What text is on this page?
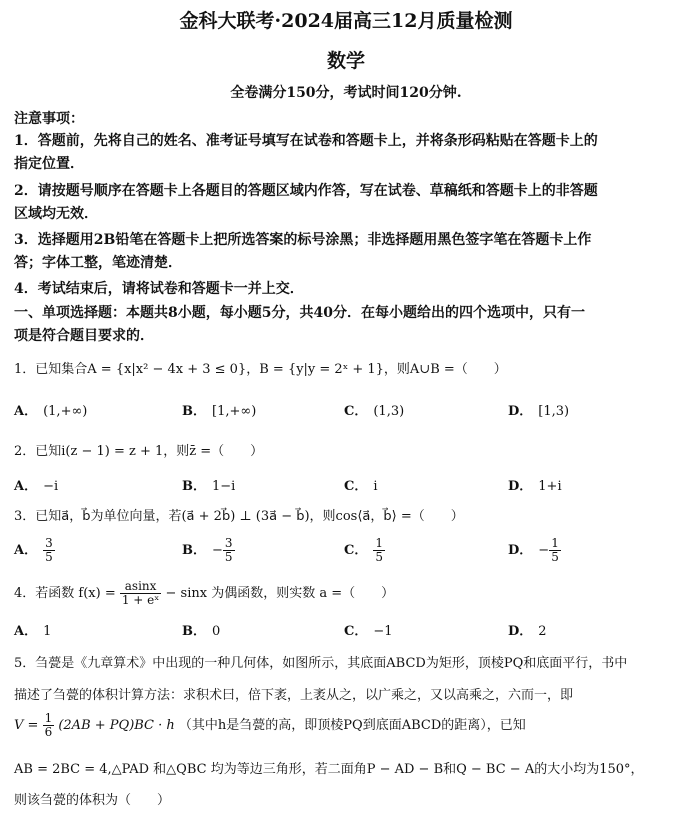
金科大联考·2024届高三12月质量检测
数学
全卷满分150分，考试时间120分钟.
注意事项：
1．答题前，先将自己的姓名、准考证号填写在试卷和答题卡上，并将条形码粘贴在答题卡上的
指定位置．
2．请按题号顺序在答题卡上各题目的答题区域内作答，写在试卷、草稿纸和答题卡上的非答题
区域均无效．
3．选择题用2B铅笔在答题卡上把所选答案的标号涂黑；非选择题用黑色签字笔在答题卡上作
答；字体工整，笔迹清楚．
4．考试结束后，请将试卷和答题卡一并上交．
一、单项选择题：本题共8小题，每小题5分，共40分．在每小题给出的四个选项中，只有一
项是符合题目要求的．
1．已知集合A = {x|x² − 4x + 3 ≤ 0}，B = {y|y = 2ˣ + 1}，则A∪B =（　　）
A． (1,+∞)	B． [1,+∞)	C． (1,3)	D． [1,3)
2．已知i(z − 1) = z + 1，则z̄ =（　　）
A． −i	B． 1−i	C． i	D． 1+i
3．已知a⃗，b⃗为单位向量，若(a⃗ + 2b⃗) ⊥ (3a⃗ − b⃗)，则cos⟨a⃗，b⃗⟩ =（　　）
A． $\frac{3}{5}$	B． − $\frac{3}{5}$	C． $\frac{1}{5}$	D． − $\frac{1}{5}$
4．若函数 $f(x) = \frac{asinx}{\text{1 + eˣ}} - \sin x$ 为偶函数，则实数 a =（　　）
A． 1	B． 0	C． −1	D． 2
5．刍甍是《九章算术》中出现的一种几何体，如图所示，其底面ABCD为矩形，顶棱PQ和底面平行，书中
描述了刍甍的体积计算方法：求积术曰，倍下袤，上袤从之，以广乘之，又以高乘之，六而一，即
$V = \frac{1}{6} (2AB + PQ)BC \cdot h$ （其中h是刍甍的高，即顶棱PQ到底面ABCD的距离），已知
AB = 2BC = 4,△PAD 和△QBC 均为等边三角形，若二面角P − AD − B和Q − BC − A的大小均为150°，
则该刍甍的体积为（　　）
